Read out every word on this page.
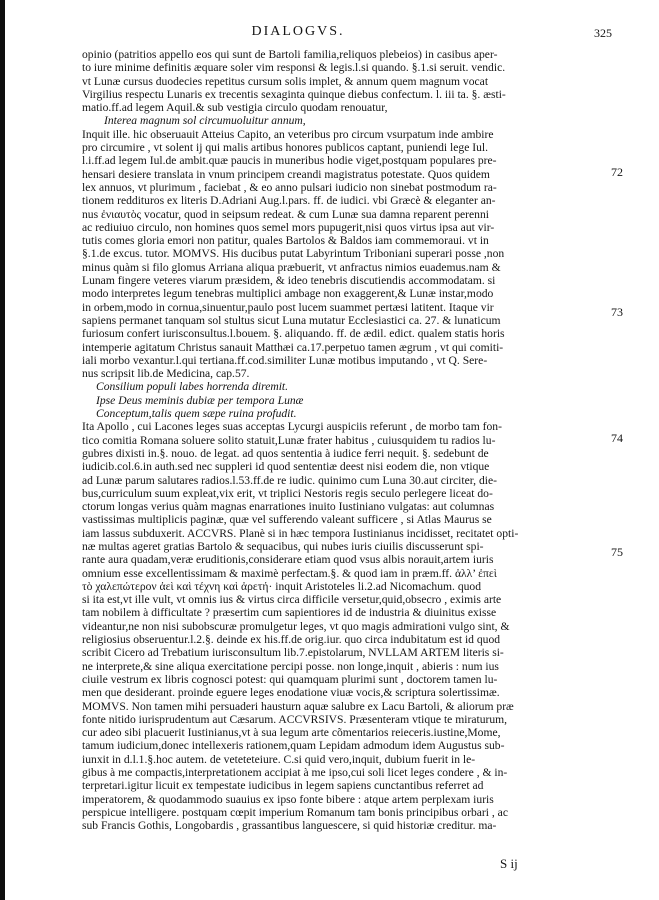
DIALOGVS.	325
opinio (patritios appello eos qui sunt de Bartoli familia,reliquos plebeios) in casibus aper-
to iure minime definitis æquare soler vim responsi & legis.l.si quando. §.1.si seruit. vendic.
vt Lunæ cursus duodecies repetitus cursum solis implet, & annum quem magnum vocat
Virgilius respectu Lunaris ex trecentis sexaginta quinque diebus confectum. l. iii ta. §. æsti-
matio.ff.ad legem Aquil.& sub vestigia circulo quodam renouatur,
Interea magnum sol circumuoluitur annum,
Inquit ille. hic obseruauit Atteius Capito, an veteribus pro circum vsurpatum inde ambire
pro circumire , vt solent ij qui malis artibus honores publicos captant, puniendi lege Iul.
l.i.ff.ad legem Iul.de ambit.quæ paucis in muneribus hodie viget,postquam populares pre-
hensari desiere translata in vnum principem creandi magistratus potestate. Quos quidem
lex annuos, vt plurimum , faciebat , & eo anno pulsari iudicio non sinebat postmodum ra-
tionem reddituros ex literis D.Adriani Aug.l.pars. ff. de iudici. vbi Græcè & eleganter an-
nus ἐνιαυτὸς vocatur, quod in seipsum redeat. & cum Lunæ sua damna reparent perenni
ac rediuiuo circulo, non homines quos semel mors pupugerit,nisi quos virtus ipsa aut vir-
tutis comes gloria emori non patitur, quales Bartolos & Baldos iam commemoraui. vt in
§.1.de excus. tutor. MOMVS. His ducibus putat Labyrintum Triboniani superari posse ,non
minus quàm si filo glomus Arriana aliqua præbuerit, vt anfractus nimios euademus.nam &
Lunam fingere veteres viarum præsidem, & ideo tenebris discutiendis accommodatam. si
modo interpretes legum tenebras multiplici ambage non exaggerent,& Lunæ instar,modo
in orbem,modo in cornua,sinuentur,paulo post lucem suammet pertæsi latitent. Itaque vir
sapiens permanet tanquam sol stultus sicut Luna mutatur Ecclesiastici ca. 27. & lunaticum
furiosum confert iurisconsultus.l.bouem. §. aliquando. ff. de ædil. edict. qualem statis horis
intemperie agitatum Christus sanauit Matthæi ca.17.perpetuo tamen ægrum , vt qui comiti-
iali morbo vexantur.l.qui tertiana.ff.cod.similiter Lunæ motibus imputando , vt Q. Sere-
nus scripsit lib.de Medicina, cap.57.
Consilium populi labes horrenda diremit.
Ipse Deus meminis dubiæ per tempora Lunæ
Conceptum,talis quem sæpe ruina profudit.
Ita Apollo , cui Lacones leges suas acceptas Lycurgi auspiciis referunt , de morbo tam fon-
tico comitia Romana soluere solito statuit,Lunæ frater habitus , cuiusquidem tu radios lu-
gubres dixisti in.§. nouo. de legat. ad quos sententia à iudice ferri nequit. §. sedebunt de
iudicib.col.6.in auth.sed nec suppleri id quod sententiæ deest nisi eodem die, non vtique
ad Lunæ parum salutares radios.l.53.ff.de re iudic. quinimo cum Luna 30.aut circiter, die-
bus,curriculum suum expleat,vix erit, vt triplici Nestoris regis seculo perlegere liceat do-
ctorum longas verius quàm magnas enarrationes inuito Iustiniano vulgatas: aut columnas
vastissimas multiplicis paginæ, quæ vel sufferendo valeant sufficere , si Atlas Maurus se
iam lassus subduxerit. ACCVRS. Planè si in hæc tempora Iustinianus incidisset, recitatet opti-
næ multas ageret gratias Bartolo & sequacibus, qui nubes iuris ciuilis discusserunt spi-
rante aura quadam,veræ eruditionis,considerare etiam quod vsus albis norauit,artem iuris
omnium esse excellentissimam & maximè perfectam.§. & quod iam in præm.ff. ἀλλ’ ἐπεὶ
τὸ χαλεπώτερον ἀεὶ καὶ τέχνη καὶ ἀρετή· inquit Aristoteles li.2.ad Nicomachum. quod
si ita est,vt ille vult, vt omnis ius & virtus circa difficile versetur,quid,obsecro , eximis arte
tam nobilem à difficultate ? præsertim cum sapientiores id de industria & diuinitus exisse
videantur,ne non nisi subobscuræ promulgetur leges, vt quo magis admirationi vulgo sint, &
religiosius obseruentur.l.2.§. deinde ex his.ff.de orig.iur. quo circa indubitatum est id quod
scribit Cicero ad Trebatium iurisconsultum lib.7.epistolarum, NVLLAM ARTEM literis si-
ne interprete,& sine aliqua exercitatione percipi posse. non longe,inquit , abieris : num ius
ciuile vestrum ex libris cognosci potest: qui quamquam plurimi sunt , doctorem tamen lu-
men que desiderant. proinde eguere leges enodatione viuæ vocis,& scriptura solertissimæ.
MOMVS. Non tamen mihi persuaderi hausturn aquæ salubre ex Lacu Bartoli, & aliorum præ
fonte nitido iurisprudentum aut Cæsarum. ACCVRSIVS. Præsenteram vtique te miraturum,
cur adeo sibi placuerit Iustinianus,vt à sua legum arte cõmentarios reieceris.iustine,Mome,
tamum iudicium,donec intellexeris rationem,quam Lepidam admodum idem Augustus sub-
iunxit in d.l.1.§.hoc autem. de veteteteiure. C.si quid vero,inquit, dubium fuerit in le-
gibus à me compactis,interpretationem accipiat à me ipso,cui soli licet leges condere , & in-
terpretari.igitur licuit ex tempestate iudicibus in legem sapiens cunctantibus referret ad
imperatorem, & quodammodo suauius ex ipso fonte bibere : atque artem perplexam iuris
perspicue intelligere. postquam cœpit imperium Romanum tam bonis principibus orbari , ac
sub Francis Gothis, Longobardis , grassantibus languescere, si quid historiæ creditur. ma-
72
73
74
75
S ij
